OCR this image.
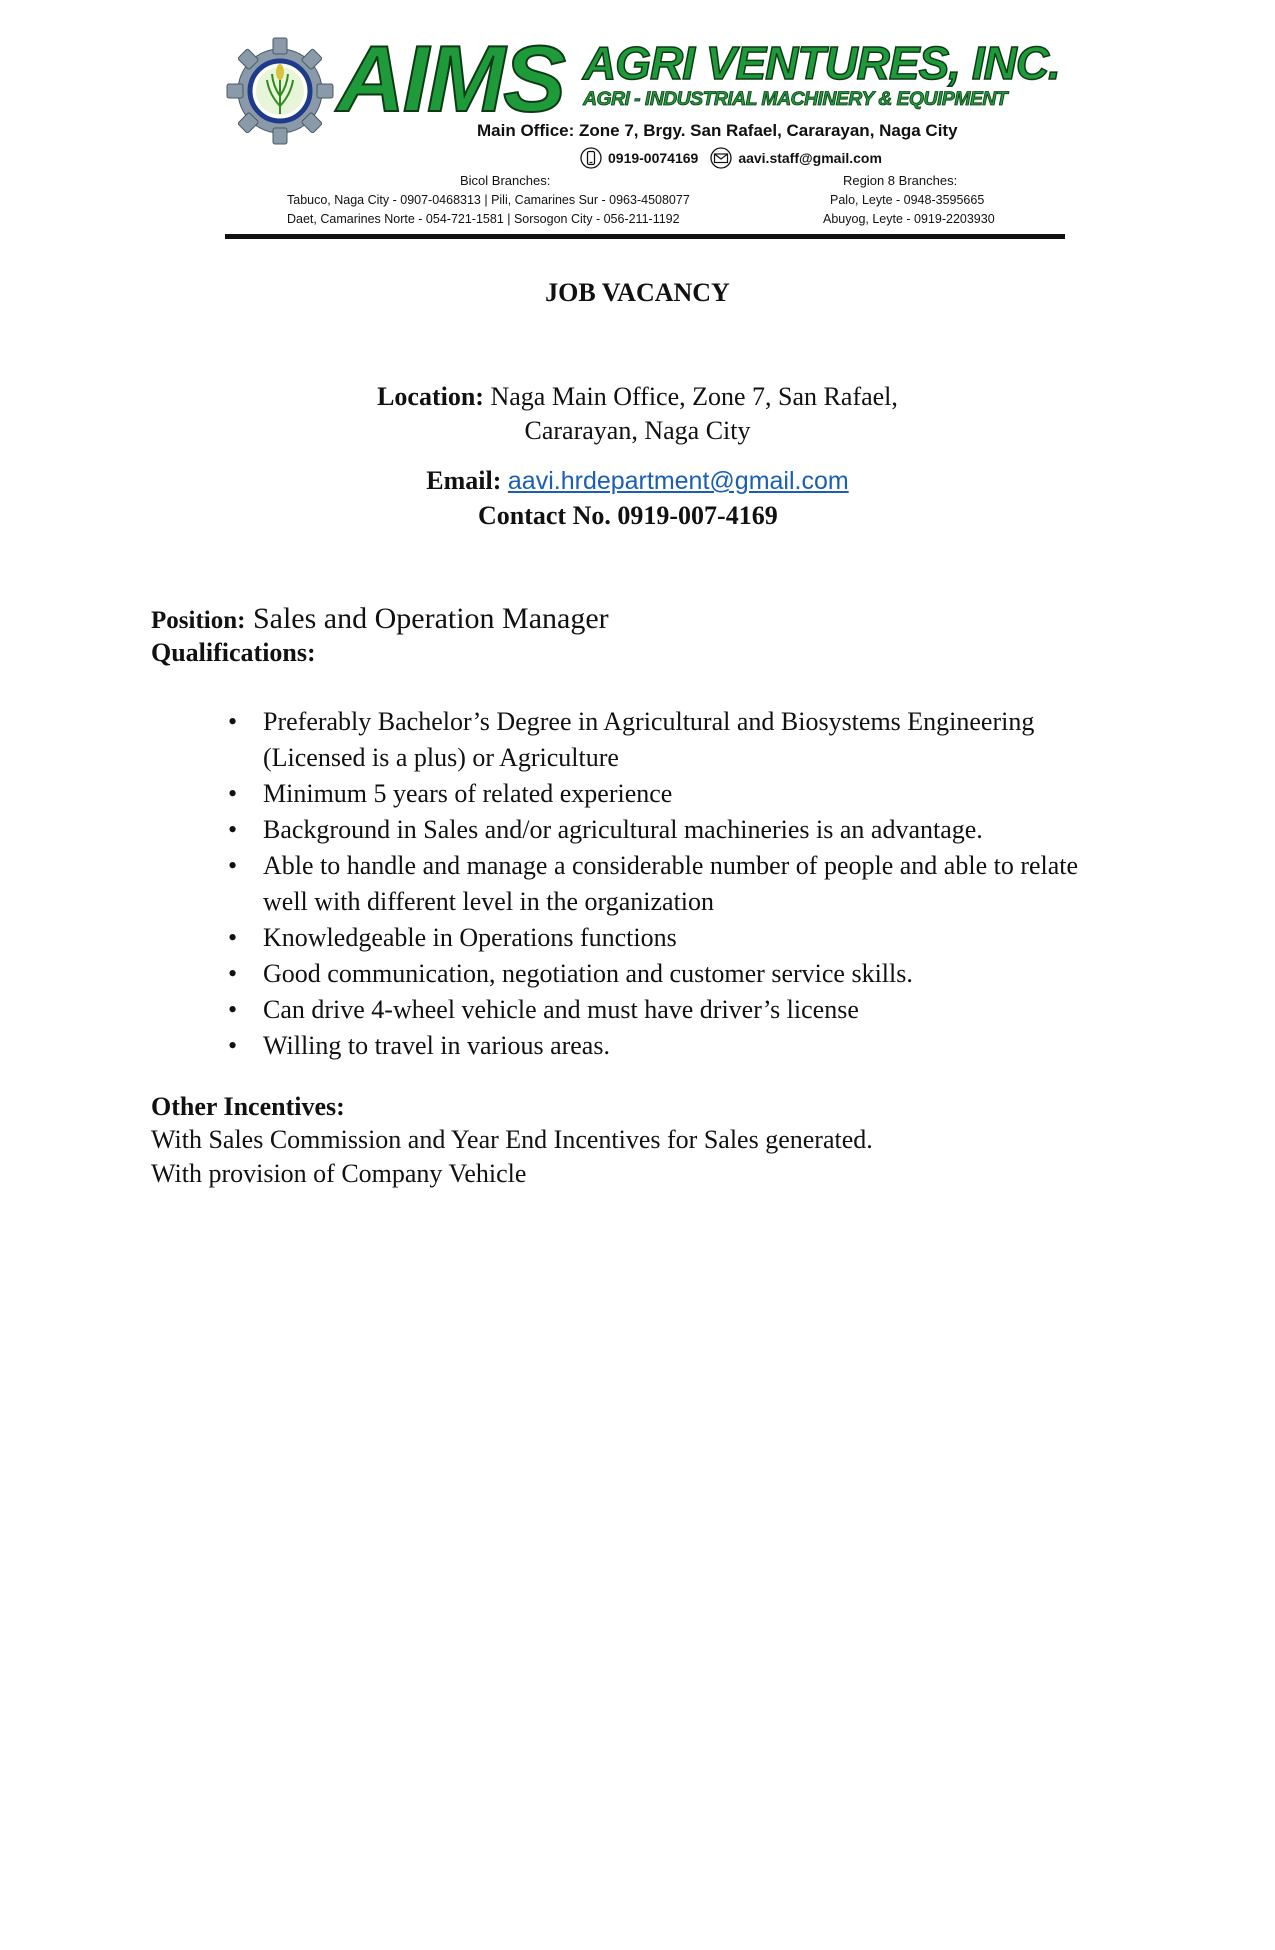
AIMS AGRI VENTURES, INC.
AGRI - INDUSTRIAL MACHINERY & EQUIPMENT
Main Office: Zone 7, Brgy. San Rafael, Cararayan, Naga City
0919-0074169	aavi.staff@gmail.com
Bicol Branches:
Tabuco, Naga City - 0907-0468313 | Pili, Camarines Sur - 0963-4508077
Daet, Camarines Norte - 054-721-1581 | Sorsogon City - 056-211-1192
Region 8 Branches:
Palo, Leyte - 0948-3595665
Abuyog, Leyte - 0919-2203930
JOB VACANCY
Location: Naga Main Office, Zone 7, San Rafael,
Cararayan, Naga City
Email: aavi.hrdepartment@gmail.com
Contact No. 0919-007-4169
Position: Sales and Operation Manager
Qualifications:
• Preferably Bachelor’s Degree in Agricultural and Biosystems Engineering (Licensed is a plus) or Agriculture
• Minimum 5 years of related experience
• Background in Sales and/or agricultural machineries is an advantage.
• Able to handle and manage a considerable number of people and able to relate well with different level in the organization
• Knowledgeable in Operations functions
• Good communication, negotiation and customer service skills.
• Can drive 4-wheel vehicle and must have driver’s license
• Willing to travel in various areas.
Other Incentives:
With Sales Commission and Year End Incentives for Sales generated.
With provision of Company Vehicle
